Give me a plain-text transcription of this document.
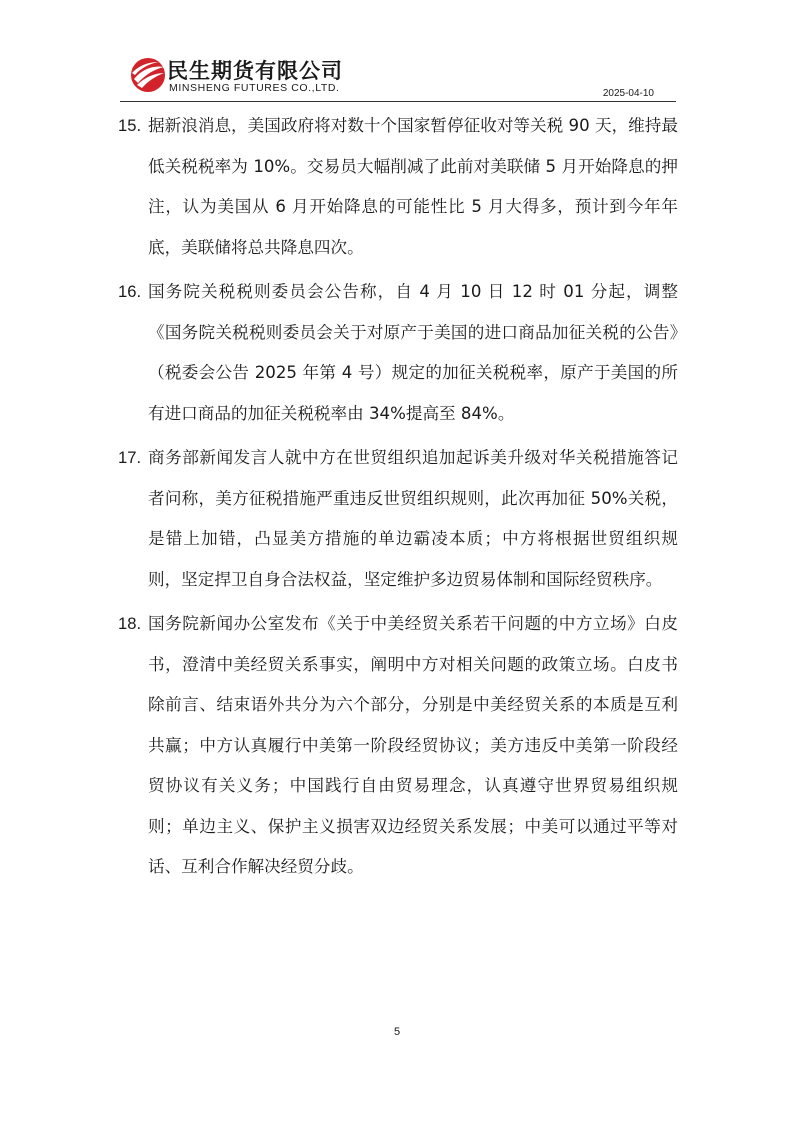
民生期货有限公司
MINSHENG FUTURES CO.,LTD.	2025-04-10
15. 据新浪消息，美国政府将对数十个国家暂停征收对等关税 90 天，维持最低关税税率为 10%。交易员大幅削减了此前对美联储 5 月开始降息的押注，认为美国从 6 月开始降息的可能性比 5 月大得多，预计到今年年底，美联储将总共降息四次。
16. 国务院关税税则委员会公告称，自 4 月 10 日 12 时 01 分起，调整《国务院关税税则委员会关于对原产于美国的进口商品加征关税的公告》（税委会公告 2025 年第 4 号）规定的加征关税税率，原产于美国的所有进口商品的加征关税税率由 34%提高至 84%。
17. 商务部新闻发言人就中方在世贸组织追加起诉美升级对华关税措施答记者问称，美方征税措施严重违反世贸组织规则，此次再加征 50%关税，是错上加错，凸显美方措施的单边霸凌本质；中方将根据世贸组织规则，坚定捍卫自身合法权益，坚定维护多边贸易体制和国际经贸秩序。
18. 国务院新闻办公室发布《关于中美经贸关系若干问题的中方立场》白皮书，澄清中美经贸关系事实，阐明中方对相关问题的政策立场。白皮书除前言、结束语外共分为六个部分，分别是中美经贸关系的本质是互利共赢；中方认真履行中美第一阶段经贸协议；美方违反中美第一阶段经贸协议有关义务；中国践行自由贸易理念，认真遵守世界贸易组织规则；单边主义、保护主义损害双边经贸关系发展；中美可以通过平等对话、互利合作解决经贸分歧。
5
